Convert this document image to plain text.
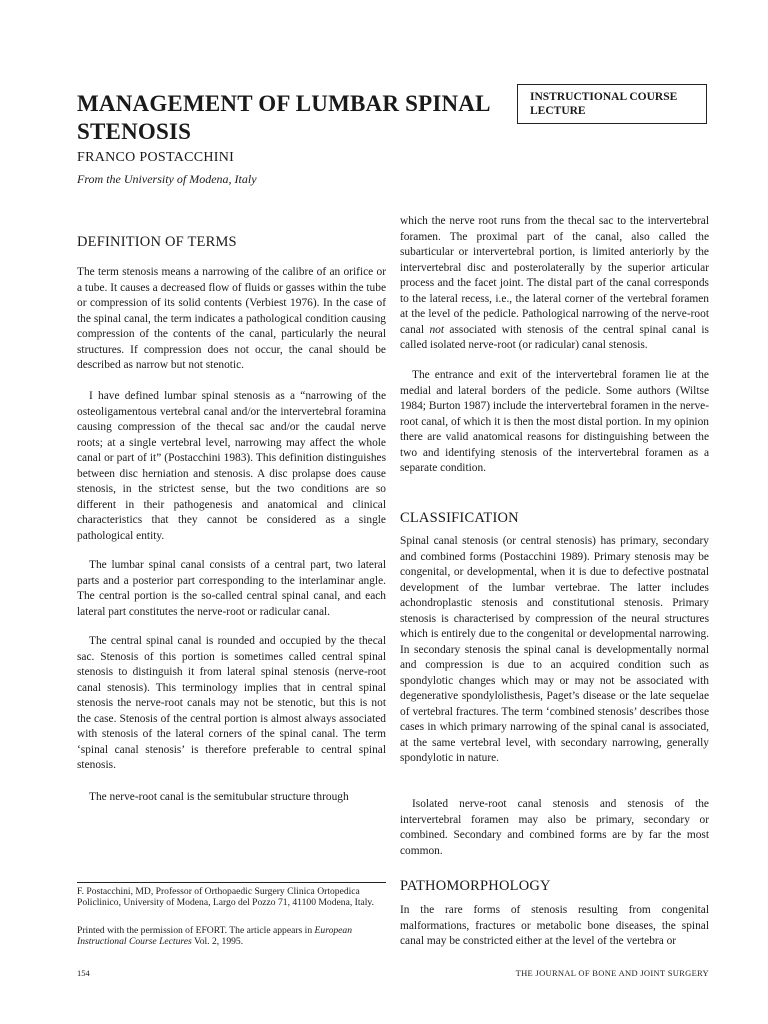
MANAGEMENT OF LUMBAR SPINAL STENOSIS
INSTRUCTIONAL COURSE LECTURE
FRANCO POSTACCHINI
From the University of Modena, Italy
DEFINITION OF TERMS

The term stenosis means a narrowing of the calibre of an orifice or a tube. It causes a decreased flow of fluids or gasses within the tube or compression of its solid contents (Verbiest 1976). In the case of the spinal canal, the term indicates a pathological condition causing compression of the contents of the canal, particularly the neural structures. If compression does not occur, the canal should be described as narrow but not stenotic.

I have defined lumbar spinal stenosis as a “narrowing of the osteoligamentous vertebral canal and/or the intervertebral foramina causing compression of the thecal sac and/or the caudal nerve roots; at a single vertebral level, narrowing may affect the whole canal or part of it” (Postacchini 1983). This definition distinguishes between disc herniation and stenosis. A disc prolapse does cause stenosis, in the strictest sense, but the two conditions are so different in their pathogenesis and anatomical and clinical characteristics that they cannot be considered as a single pathological entity.

The lumbar spinal canal consists of a central part, two lateral parts and a posterior part corresponding to the interlaminar angle. The central portion is the so-called central spinal canal, and each lateral part constitutes the nerve-root or radicular canal.

The central spinal canal is rounded and occupied by the thecal sac. Stenosis of this portion is sometimes called central spinal stenosis to distinguish it from lateral spinal stenosis (nerve-root canal stenosis). This terminology implies that in central spinal stenosis the nerve-root canals may not be stenotic, but this is not the case. Stenosis of the central portion is almost always associated with stenosis of the lateral corners of the spinal canal. The term ‘spinal canal stenosis’ is therefore preferable to central spinal stenosis.

The nerve-root canal is the semitubular structure through

which the nerve root runs from the thecal sac to the intervertebral foramen. The proximal part of the canal, also called the subarticular or intervertebral portion, is limited anteriorly by the intervertebral disc and posterolaterally by the superior articular process and the facet joint. The distal part of the canal corresponds to the lateral recess, i.e., the lateral corner of the vertebral foramen at the level of the pedicle. Pathological narrowing of the nerve-root canal not associated with stenosis of the central spinal canal is called isolated nerve-root (or radicular) canal stenosis.

The entrance and exit of the intervertebral foramen lie at the medial and lateral borders of the pedicle. Some authors (Wiltse 1984; Burton 1987) include the intervertebral foramen in the nerve-root canal, of which it is then the most distal portion. In my opinion there are valid anatomical reasons for distinguishing between the two and identifying stenosis of the intervertebral foramen as a separate condition.

CLASSIFICATION

Spinal canal stenosis (or central stenosis) has primary, secondary and combined forms (Postacchini 1989). Primary stenosis may be congenital, or developmental, when it is due to defective postnatal development of the lumbar vertebrae. The latter includes achondroplastic stenosis and constitutional stenosis. Primary stenosis is characterised by compression of the neural structures which is entirely due to the congenital or developmental narrowing. In secondary stenosis the spinal canal is developmentally normal and compression is due to an acquired condition such as spondylotic changes which may or may not be associated with degenerative spondylolisthesis, Paget’s disease or the late sequelae of vertebral fractures. The term ‘combined stenosis’ describes those cases in which primary narrowing of the spinal canal is associated, at the same vertebral level, with secondary narrowing, generally spondylotic in nature.

Isolated nerve-root canal stenosis and stenosis of the intervertebral foramen may also be primary, secondary or combined. Secondary and combined forms are by far the most common.

PATHOMORPHOLOGY

In the rare forms of stenosis resulting from congenital malformations, fractures or metabolic bone diseases, the spinal canal may be constricted either at the level of the vertebra or

F. Postacchini, MD, Professor of Orthopaedic Surgery Clinica Ortopedica Policlinico, University of Modena, Largo del Pozzo 71, 41100 Modena, Italy.
Printed with the permission of EFORT. The article appears in European Instructional Course Lectures Vol. 2, 1995.
154	THE JOURNAL OF BONE AND JOINT SURGERY
